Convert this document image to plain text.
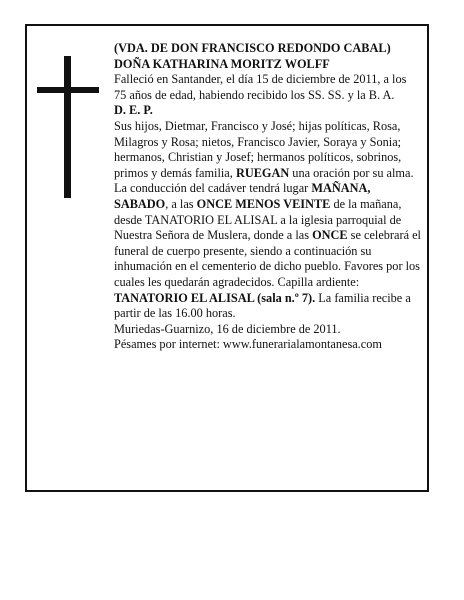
(VDA. DE DON FRANCISCO REDONDO CABAL)

DOÑA KATHARINA MORITZ WOLFF

Falleció en Santander, el día 15 de diciembre de 2011, a los

75 años de edad, habiendo recibido los SS. SS. y la B. A.

D. E. P.

Sus hijos, Dietmar, Francisco y José; hijas políticas, Rosa, Milagros y Rosa; nietos, Francisco Javier, Soraya y Sonia; hermanos, Christian y Josef; hermanos políticos, sobrinos, primos y demás familia, RUEGAN una oración por su alma. La conducción del cadáver tendrá lugar MAÑANA, SABADO, a las ONCE MENOS VEINTE de la mañana, desde TANATORIO EL ALISAL a la iglesia parroquial de Nuestra Señora de Muslera, donde a las ONCE se celebrará el funeral de cuerpo presente, siendo a continuación su inhumación en el cementerio de dicho pueblo. Favores por los cuales les quedarán agradecidos. Capilla ardiente: TANATORIO EL ALISAL (sala n.º 7). La familia recibe a partir de las 16.00 horas.

Muriedas-Guarnizo, 16 de diciembre de 2011.

Pésames por internet: www.funerarialamontanesa.com
